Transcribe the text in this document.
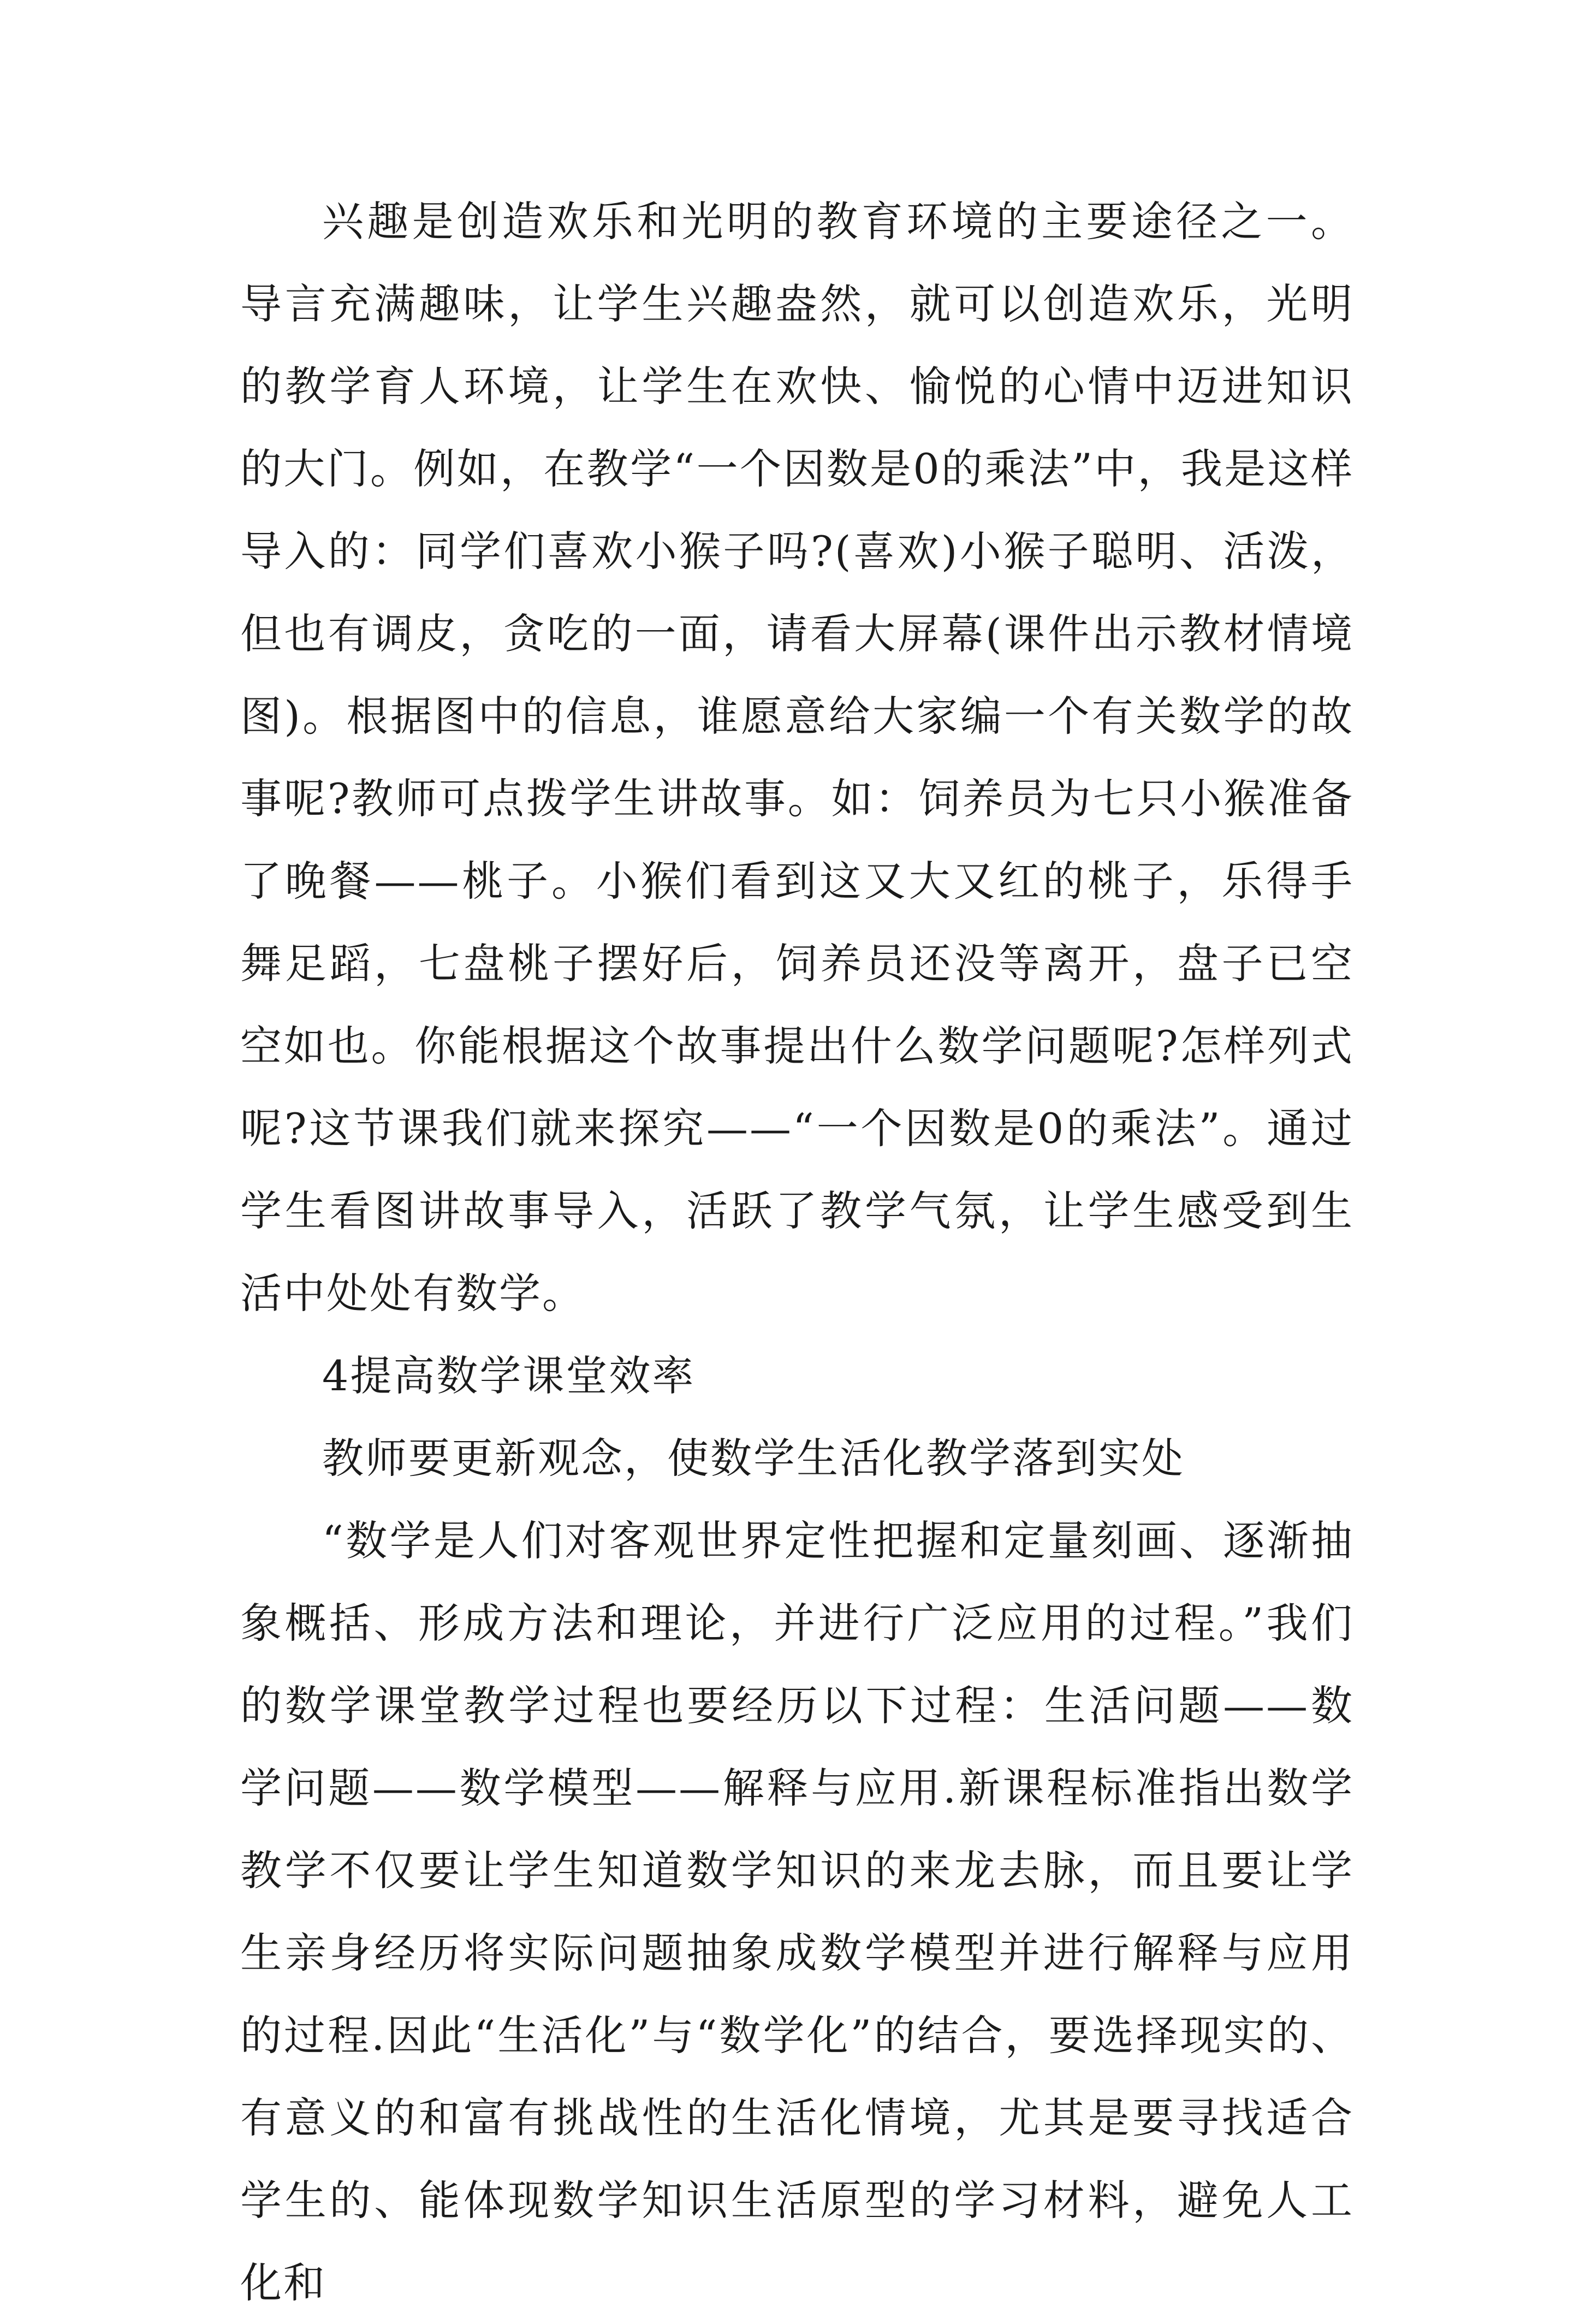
兴趣是创造欢乐和光明的教育环境的主要途径之一。导言充满趣味，让学生兴趣盎然，就可以创造欢乐，光明的教学育人环境，让学生在欢快、愉悦的心情中迈进知识的大门。例如，在教学“一个因数是0的乘法”中，我是这样导入的：同学们喜欢小猴子吗?(喜欢)小猴子聪明、活泼，但也有调皮，贪吃的一面，请看大屏幕(课件出示教材情境图)。根据图中的信息，谁愿意给大家编一个有关数学的故事呢?教师可点拨学生讲故事。如：饲养员为七只小猴准备了晚餐——桃子。小猴们看到这又大又红的桃子，乐得手舞足蹈，七盘桃子摆好后，饲养员还没等离开，盘子已空空如也。你能根据这个故事提出什么数学问题呢?怎样列式呢?这节课我们就来探究——“一个因数是0的乘法”。通过学生看图讲故事导入，活跃了教学气氛，让学生感受到生活中处处有数学。

4提高数学课堂效率

教师要更新观念，使数学生活化教学落到实处

“数学是人们对客观世界定性把握和定量刻画、逐渐抽象概括、形成方法和理论，并进行广泛应用的过程。”我们的数学课堂教学过程也要经历以下过程：生活问题——数学问题——数学模型——解释与应用.新课程标准指出数学教学不仅要让学生知道数学知识的来龙去脉，而且要让学生亲身经历将实际问题抽象成数学模型并进行解释与应用的过程.因此“生活化”与“数学化”的结合，要选择现实的、有意义的和富有挑战性的生活化情境，尤其是要寻找适合学生的、能体现数学知识生活原型的学习材料，避免人工化和
